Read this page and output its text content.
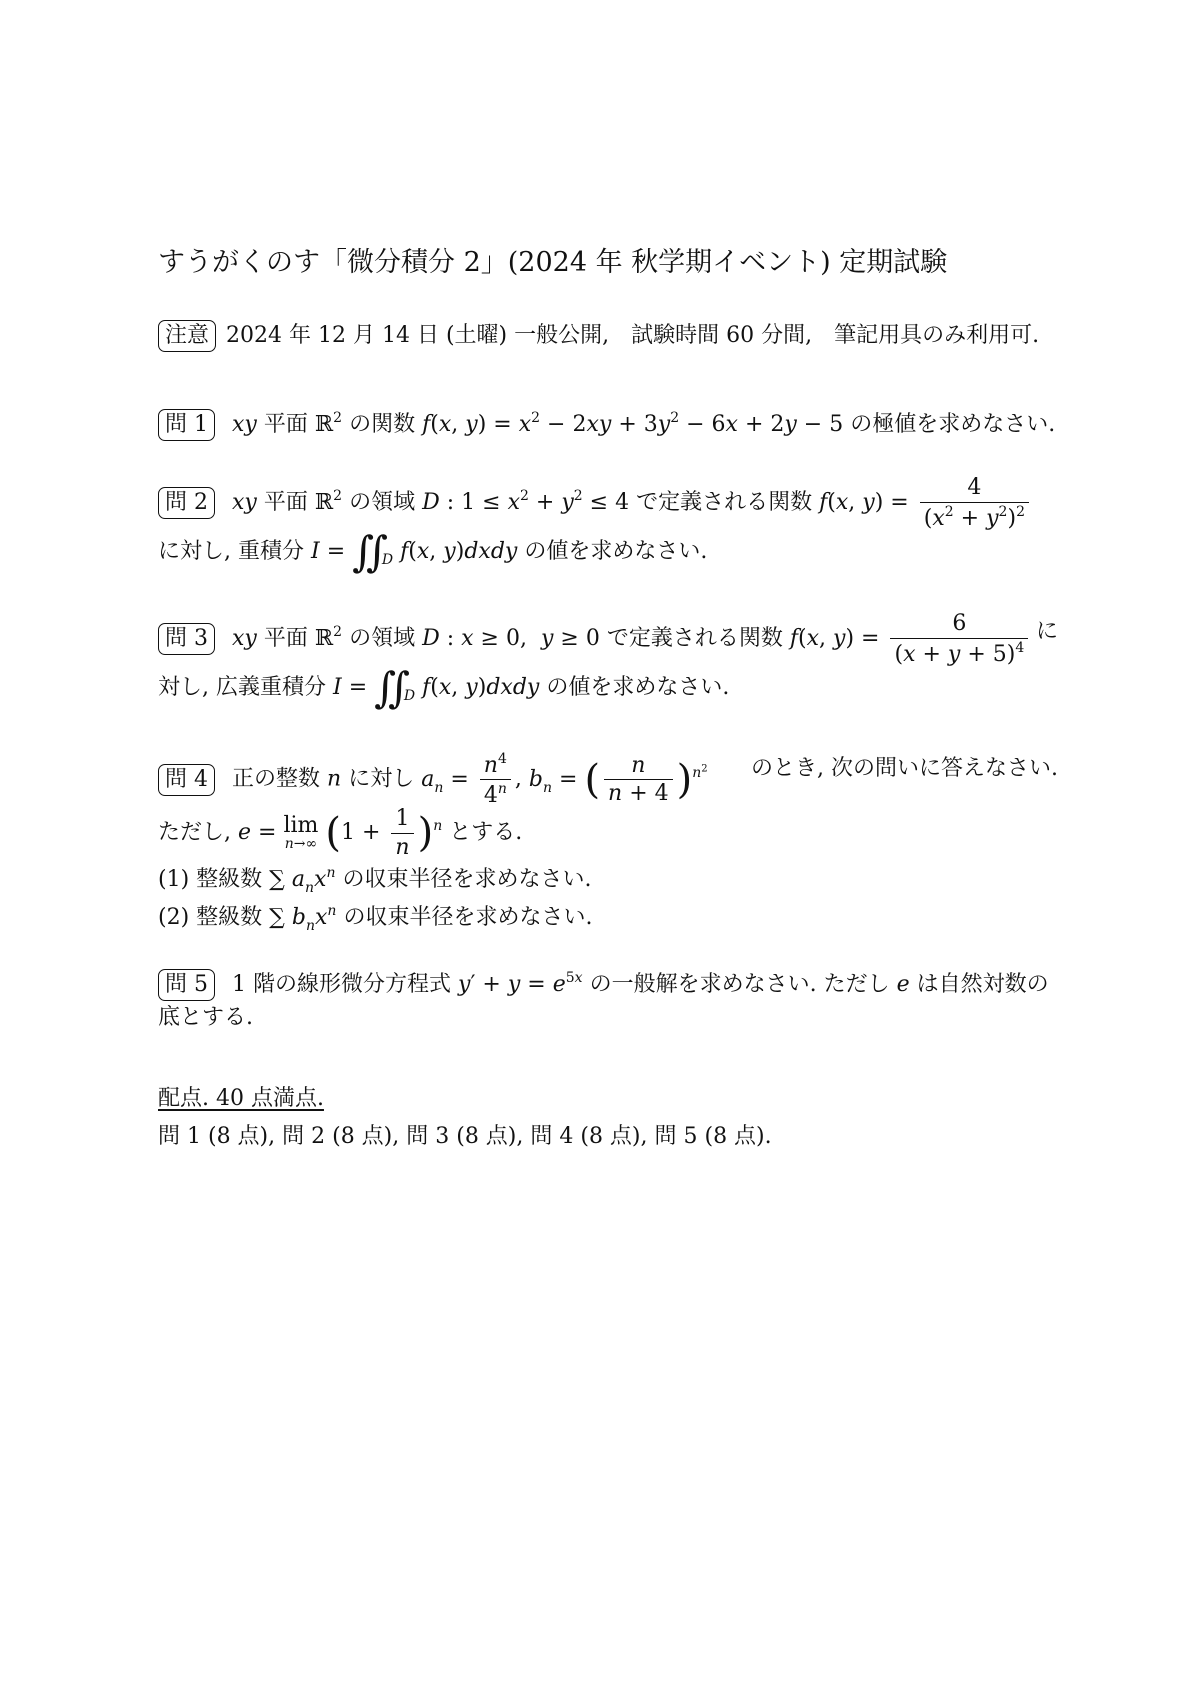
すうがくのす「微分積分 2」(2024 年 秋学期イベント) 定期試験
注意 2024 年 12 月 14 日 (土曜) 一般公開,　試験時間 60 分間,　筆記用具のみ利用可.
問 1 xy 平面 ℝ$^2$ の関数 f(x, $y) = x^2 - 2xy + 3y^2 - 6x + 2y - 5$ の極値を求めなさい.
問 2 xy 平面 ℝ$^2$ の領域 D : $1 \le x^2 + y^2 \le 4$ で定義される関数 f(x, $y) = \frac{4}{(x^2 + y^2)^2}$
に対し, 重積分 $I = ∬_D$ f(x, y)dxdy の値を求めなさい.
問 3 xy 平面 ℝ$^2$ の領域 D : x ≥ 0,  y ≥ 0 で定義される関数 f(x, $y) = \frac{6}{(x + y + 5)^4}$ に
対し, 広義重積分 $I = ∬_D$ f(x, y)dxdy の値を求めなさい.
問 4 正の整数 n に対し $a_n = \frac{n^4}{4^n}$ , $b_n$ = ( $\frac{n}{n + 4} )^{n^2}$ のとき, 次の問いに答えなさい.
ただし, e = lim
n→∞ $(1 + \frac{1}{n} )^n$ とする.
(1) 整級数 ∑ $a_nx^n$ の収束半径を求めなさい.
(2) 整級数 ∑ $b_nx^n$ の収束半径を求めなさい.
問 5 1 階の線形微分方程式 $y' + y = e^{5x}$ の一般解を求めなさい. ただし e は自然対数の
底とする.
配点. 40 点満点.
問 1 (8 点), 問 2 (8 点), 問 3 (8 点), 問 4 (8 点), 問 5 (8 点).
